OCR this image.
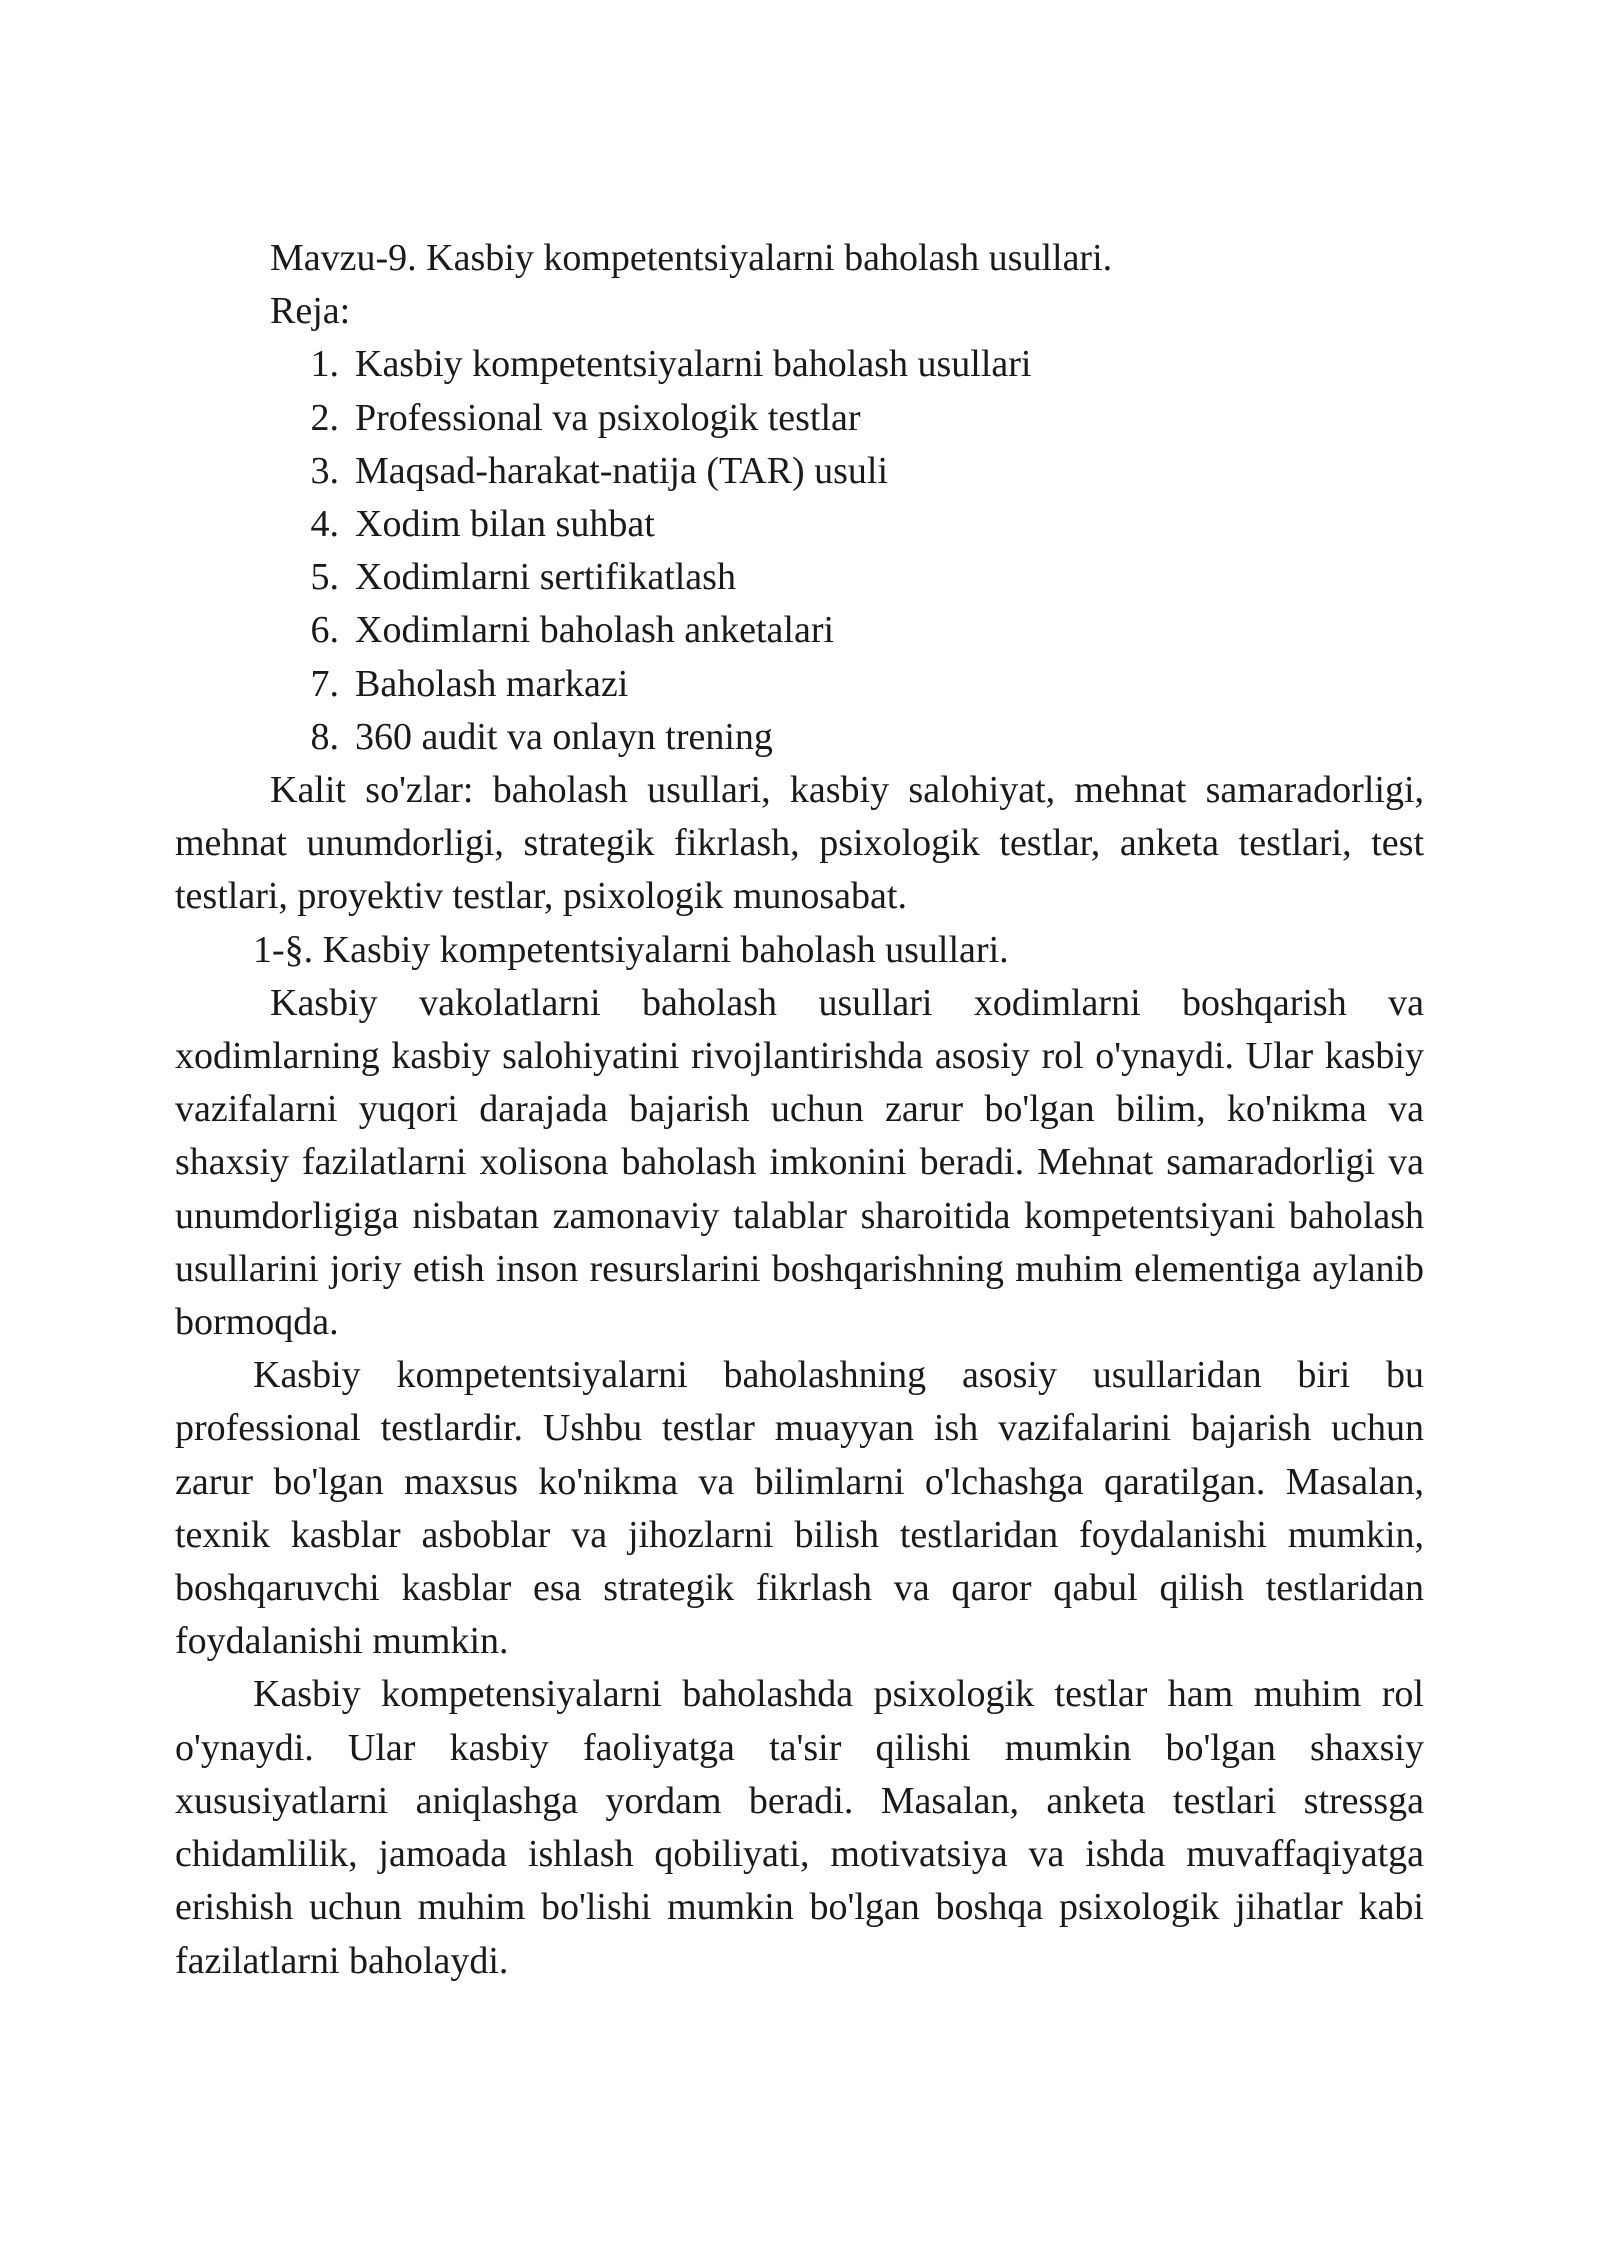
Mavzu-9. Kasbiy kompetentsiyalarni baholash usullari.

Reja:

1. Kasbiy kompetentsiyalarni baholash usullari
2. Professional va psixologik testlar
3. Maqsad-harakat-natija (TAR) usuli
4. Xodim bilan suhbat
5. Xodimlarni sertifikatlash
6. Xodimlarni baholash anketalari
7. Baholash markazi
8. 360 audit va onlayn trening

Kalit so'zlar: baholash usullari, kasbiy salohiyat, mehnat samaradorligi, mehnat unumdorligi, strategik fikrlash, psixologik testlar, anketa testlari, test testlari, proyektiv testlar, psixologik munosabat.

1-§. Kasbiy kompetentsiyalarni baholash usullari.

Kasbiy vakolatlarni baholash usullari xodimlarni boshqarish va xodimlarning kasbiy salohiyatini rivojlantirishda asosiy rol o'ynaydi. Ular kasbiy vazifalarni yuqori darajada bajarish uchun zarur bo'lgan bilim, ko'nikma va shaxsiy fazilatlarni xolisona baholash imkonini beradi. Mehnat samaradorligi va unumdorligiga nisbatan zamonaviy talablar sharoitida kompetentsiyani baholash usullarini joriy etish inson resurslarini boshqarishning muhim elementiga aylanib bormoqda.

Kasbiy kompetentsiyalarni baholashning asosiy usullaridan biri bu professional testlardir. Ushbu testlar muayyan ish vazifalarini bajarish uchun zarur bo'lgan maxsus ko'nikma va bilimlarni o'lchashga qaratilgan. Masalan, texnik kasblar asboblar va jihozlarni bilish testlaridan foydalanishi mumkin, boshqaruvchi kasblar esa strategik fikrlash va qaror qabul qilish testlaridan foydalanishi mumkin.

Kasbiy kompetensiyalarni baholashda psixologik testlar ham muhim rol o'ynaydi. Ular kasbiy faoliyatga ta'sir qilishi mumkin bo'lgan shaxsiy xususiyatlarni aniqlashga yordam beradi. Masalan, anketa testlari stressga chidamlilik, jamoada ishlash qobiliyati, motivatsiya va ishda muvaffaqiyatga erishish uchun muhim bo'lishi mumkin bo'lgan boshqa psixologik jihatlar kabi fazilatlarni baholaydi.
